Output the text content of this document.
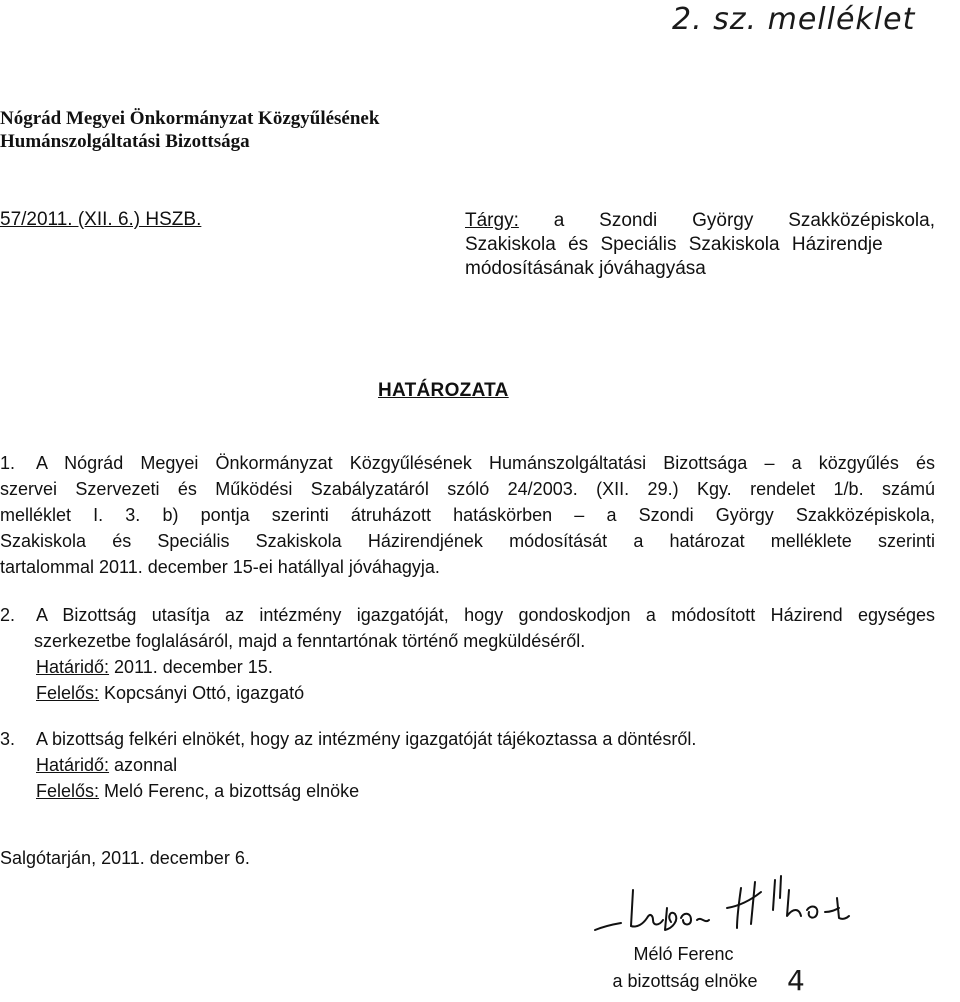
2. sz. melléklet
Nógrád Megyei Önkormányzat Közgyűlésének
Humánszolgáltatási Bizottsága
57/2011. (XII. 6.) HSZB.	Tárgy: a Szondi György Szakközépiskola,
Szakiskola és Speciális Szakiskola Házirendje
módosításának jóváhagyása
HATÁROZATA
1. A Nógrád Megyei Önkormányzat Közgyűlésének Humánszolgáltatási Bizottsága – a közgyűlés és
szervei Szervezeti és Működési Szabályzatáról szóló 24/2003. (XII. 29.) Kgy. rendelet 1/b. számú
melléklet I. 3. b) pontja szerinti átruházott hatáskörben – a Szondi György Szakközépiskola,
Szakiskola és Speciális Szakiskola Házirendjének módosítását a határozat melléklete szerinti
tartalommal 2011. december 15-ei hatállyal jóváhagyja.
2. A Bizottság utasítja az intézmény igazgatóját, hogy gondoskodjon a módosított Házirend egységes
szerkezetbe foglalásáról, majd a fenntartónak történő megküldéséről.
Határidő: 2011. december 15.
Felelős: Kopcsányi Ottó, igazgató
3. A bizottság felkéri elnökét, hogy az intézmény igazgatóját tájékoztassa a döntésről.
Határidő: azonnal
Felelős: Meló Ferenc, a bizottság elnöke
Salgótarján, 2011. december 6.
Méló Ferenc
a bizottság elnöke	4
